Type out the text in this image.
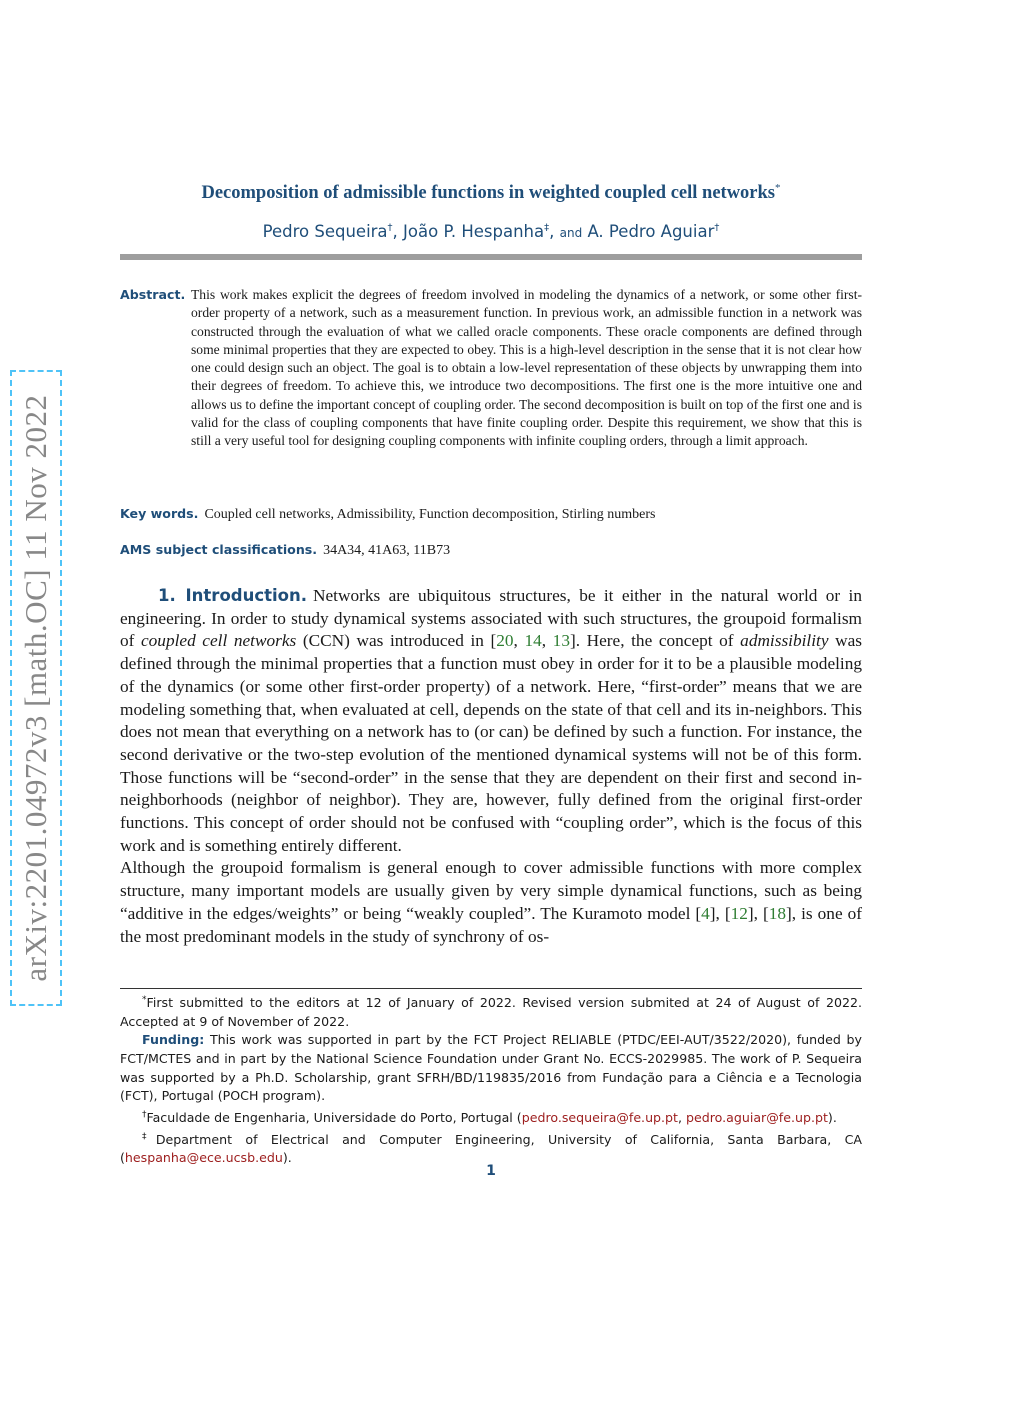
arXiv:2201.04972v3 [math.OC] 11 Nov 2022
Decomposition of admissible functions in weighted coupled cell networks*
Pedro Sequeira†, João P. Hespanha‡, and A. Pedro Aguiar†
Abstract. This work makes explicit the degrees of freedom involved in modeling the dynamics of a network, or some other first-order property of a network, such as a measurement function. In previous work, an admissible function in a network was constructed through the evaluation of what we called oracle components. These oracle components are defined through some minimal properties that they are expected to obey. This is a high-level description in the sense that it is not clear how one could design such an object. The goal is to obtain a low-level representation of these objects by unwrapping them into their degrees of freedom. To achieve this, we introduce two decompositions. The first one is the more intuitive one and allows us to define the important concept of coupling order. The second decomposition is built on top of the first one and is valid for the class of coupling components that have finite coupling order. Despite this requirement, we show that this is still a very useful tool for designing coupling components with infinite coupling orders, through a limit approach.
Key words. Coupled cell networks, Admissibility, Function decomposition, Stirling numbers
AMS subject classifications. 34A34, 41A63, 11B73

1. Introduction. Networks are ubiquitous structures, be it either in the natural world or in engineering. In order to study dynamical systems associated with such structures, the groupoid formalism of coupled cell networks (CCN) was introduced in [20, 14, 13]. Here, the concept of admissibility was defined through the minimal properties that a function must obey in order for it to be a plausible modeling of the dynamics (or some other first-order property) of a network. Here, “first-order” means that we are modeling something that, when evaluated at cell, depends on the state of that cell and its in-neighbors. This does not mean that everything on a network has to (or can) be defined by such a function. For instance, the second derivative or the two-step evolution of the mentioned dynamical systems will not be of this form. Those functions will be “second-order” in the sense that they are dependent on their first and second in-neighborhoods (neighbor of neighbor). They are, however, fully defined from the original first-order functions. This concept of order should not be confused with “coupling order”, which is the focus of this work and is something entirely different.

Although the groupoid formalism is general enough to cover admissible functions with more complex structure, many important models are usually given by very simple dynamical functions, such as being “additive in the edges/weights” or being “weakly coupled”. The Kuramoto model [4], [12], [18], is one of the most predominant models in the study of synchrony of os-

*First submitted to the editors at 12 of January of 2022. Revised version submited at 24 of August of 2022. Accepted at 9 of November of 2022.

Funding: This work was supported in part by the FCT Project RELIABLE (PTDC/EEI-AUT/3522/2020), funded by FCT/MCTES and in part by the National Science Foundation under Grant No. ECCS-2029985. The work of P. Sequeira was supported by a Ph.D. Scholarship, grant SFRH/BD/119835/2016 from Fundação para a Ciência e a Tecnologia (FCT), Portugal (POCH program).

†Faculdade de Engenharia, Universidade do Porto, Portugal (pedro.sequeira@fe.up.pt, pedro.aguiar@fe.up.pt).

‡Department of Electrical and Computer Engineering, University of California, Santa Barbara, CA (hespanha@ece.ucsb.edu).

1
